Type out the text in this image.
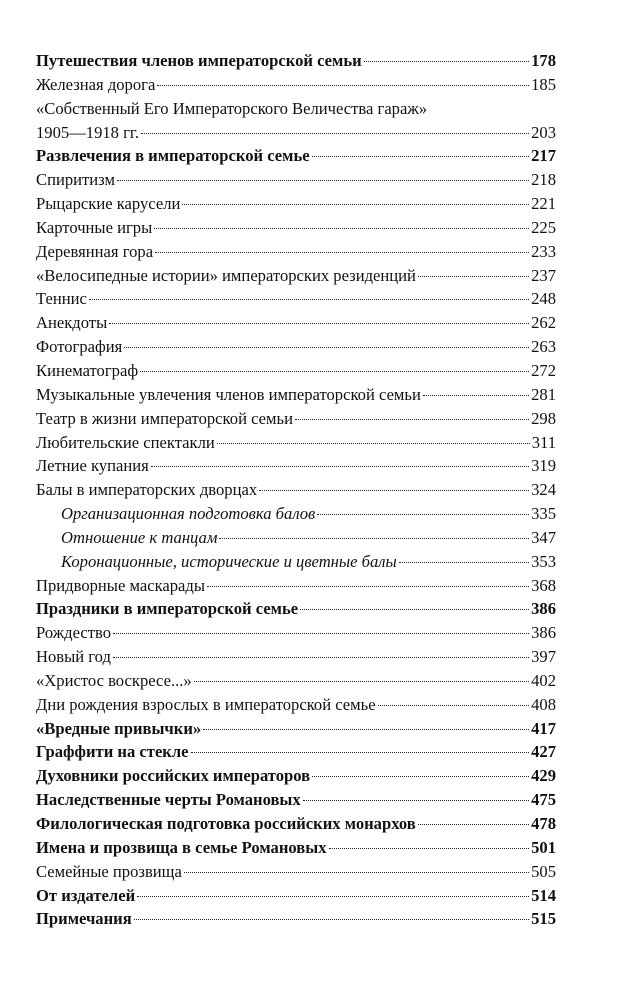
Путешествия членов императорской семьи	178
Железная дорога	185
«Собственный Его Императорского Величества гараж»
1905—1918 гг.	203
Развлечения в императорской семье	217
Спиритизм	218
Рыцарские карусели	221
Карточные игры	225
Деревянная гора	233
«Велосипедные истории» императорских резиденций	237
Теннис	248
Анекдоты	262
Фотография	263
Кинематограф	272
Музыкальные увлечения членов императорской семьи	281
Театр в жизни императорской семьи	298
Любительские спектакли	311
Летние купания	319
Балы в императорских дворцах	324
Организационная подготовка балов	335
Отношение к танцам	347
Коронационные, исторические и цветные балы	353
Придворные маскарады	368
Праздники в императорской семье	386
Рождество	386
Новый год	397
«Христос воскресе...»	402
Дни рождения взрослых в императорской семье	408
«Вредные привычки»	417
Граффити на стекле	427
Духовники российских императоров	429
Наследственные черты Романовых	475
Филологическая подготовка российских монархов	478
Имена и прозвища в семье Романовых	501
Семейные прозвища	505
От издателей	514
Примечания	515
